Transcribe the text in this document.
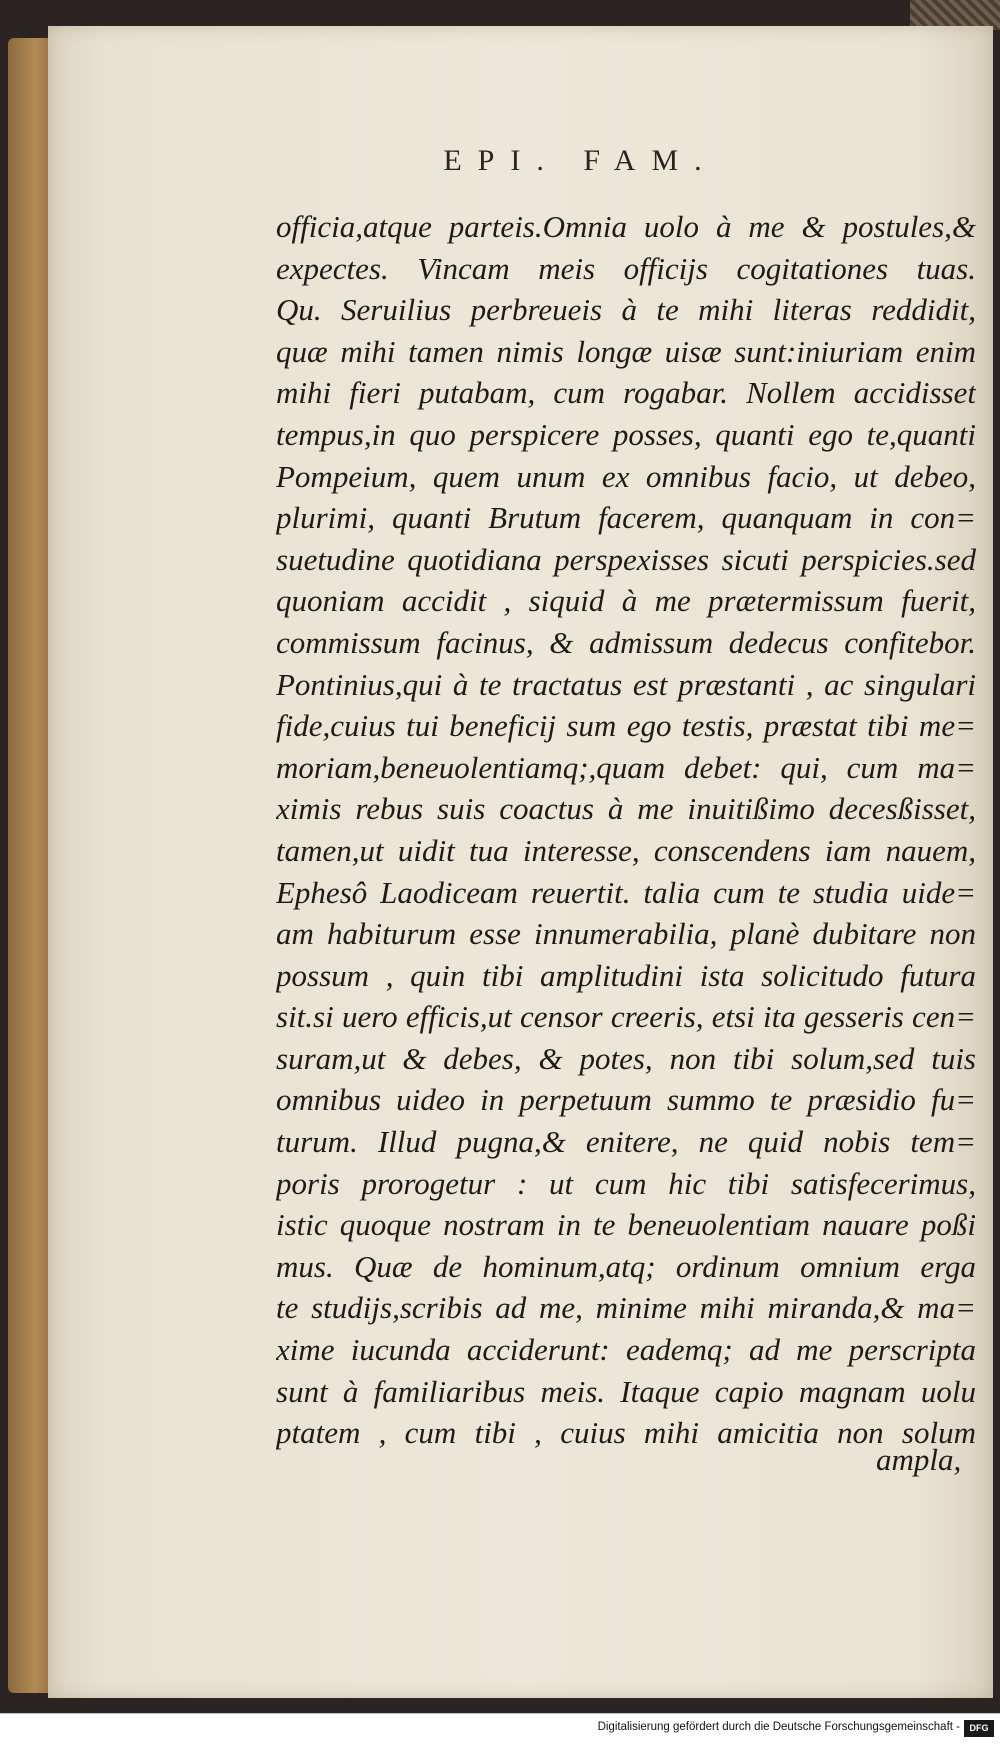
EPI. FAM.
officia,atque parteis.Omnia uolo à me & postules,&
expectes. Vincam meis officijs cogitationes tuas.
Qu. Seruilius perbreueis à te mihi literas reddidit,
quæ mihi tamen nimis longæ uisæ sunt:iniuriam enim
mihi fieri putabam, cum rogabar. Nollem accidisset
tempus,in quo perspicere posses, quanti ego te,quanti
Pompeium, quem unum ex omnibus facio, ut debeo,
plurimi, quanti Brutum facerem, quanquam in con=
suetudine quotidiana perspexisses sicuti perspicies.sed
quoniam accidit , siquid à me prætermissum fuerit,
commissum facinus, & admissum dedecus confitebor.
Pontinius,qui à te tractatus est præstanti , ac singulari
fide,cuius tui beneficij sum ego testis, præstat tibi me=
moriam,beneuolentiamq;,quam debet: qui, cum ma=
ximis rebus suis coactus à me inuitißimo decesßisset,
tamen,ut uidit tua interesse, conscendens iam nauem,
Ephesô Laodiceam reuertit. talia cum te studia uide=
am habiturum esse innumerabilia, planè dubitare non
possum , quin tibi amplitudini ista solicitudo futura
sit.si uero efficis,ut censor creeris, etsi ita gesseris cen=
suram,ut & debes, & potes, non tibi solum,sed tuis
omnibus uideo in perpetuum summo te præsidio fu=
turum. Illud pugna,& enitere, ne quid nobis tem=
poris prorogetur : ut cum hic tibi satisfecerimus,
istic quoque nostram in te beneuolentiam nauare poßi
mus. Quæ de hominum,atq; ordinum omnium erga
te studijs,scribis ad me, minime mihi miranda,& ma=
xime iucunda acciderunt: eademq; ad me perscripta
sunt à familiaribus meis. Itaque capio magnam uolu
ptatem , cum tibi , cuius mihi amicitia non solum
ampla,
Digitalisierung gefördert durch die Deutsche Forschungsgemeinschaft -	DFG
